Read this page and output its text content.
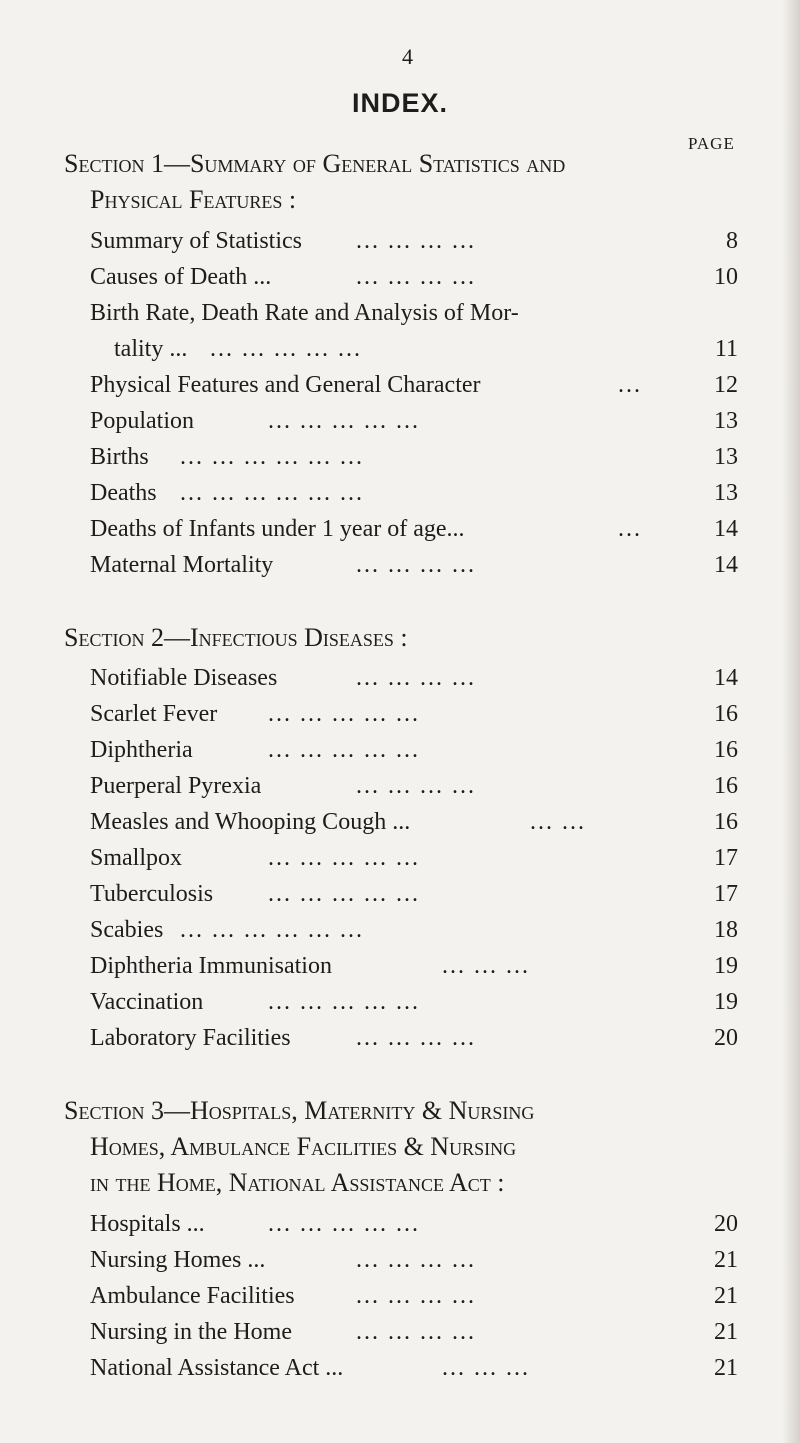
4
INDEX.
PAGE
Section 1—Summary of General Statistics and
Physical Features :
Summary of Statistics ... ... ... ...	8
Causes of Death ...	... ... ... ...	10
Birth Rate, Death Rate and Analysis of Mor-
tality ... ... ... ... ... ...	11
Physical Features and General Character	...	12
Population	... ... ... ... ...	13
Births ... ... ... ... ... ...	13
Deaths ... ... ... ... ... ...	13
Deaths of Infants under 1 year of age...	...	14
Maternal Mortality	... ... ... ...	14
Section 2—Infectious Diseases :
Notifiable Diseases	... ... ... ...	14
Scarlet Fever ... ... ... ... ...	16
Diphtheria	... ... ... ... ...	16
Puerperal Pyrexia	... ... ... ...	16
Measles and Whooping Cough ...	... ...	16
Smallpox	... ... ... ... ...	17
Tuberculosis ... ... ... ... ...	17
Scabies ... ... ... ... ... ...	18
Diphtheria Immunisation	... ... ...	19
Vaccination	... ... ... ... ...	19
Laboratory Facilities	... ... ... ...	20
Section 3—Hospitals, Maternity & Nursing
Homes, Ambulance Facilities & Nursing
in the Home, National Assistance Act :
Hospitals ...	... ... ... ... ...	20
Nursing Homes ...	... ... ... ...	21
Ambulance Facilities	... ... ... ...	21
Nursing in the Home	... ... ... ...	21
National Assistance Act ...	... ... ...	21
